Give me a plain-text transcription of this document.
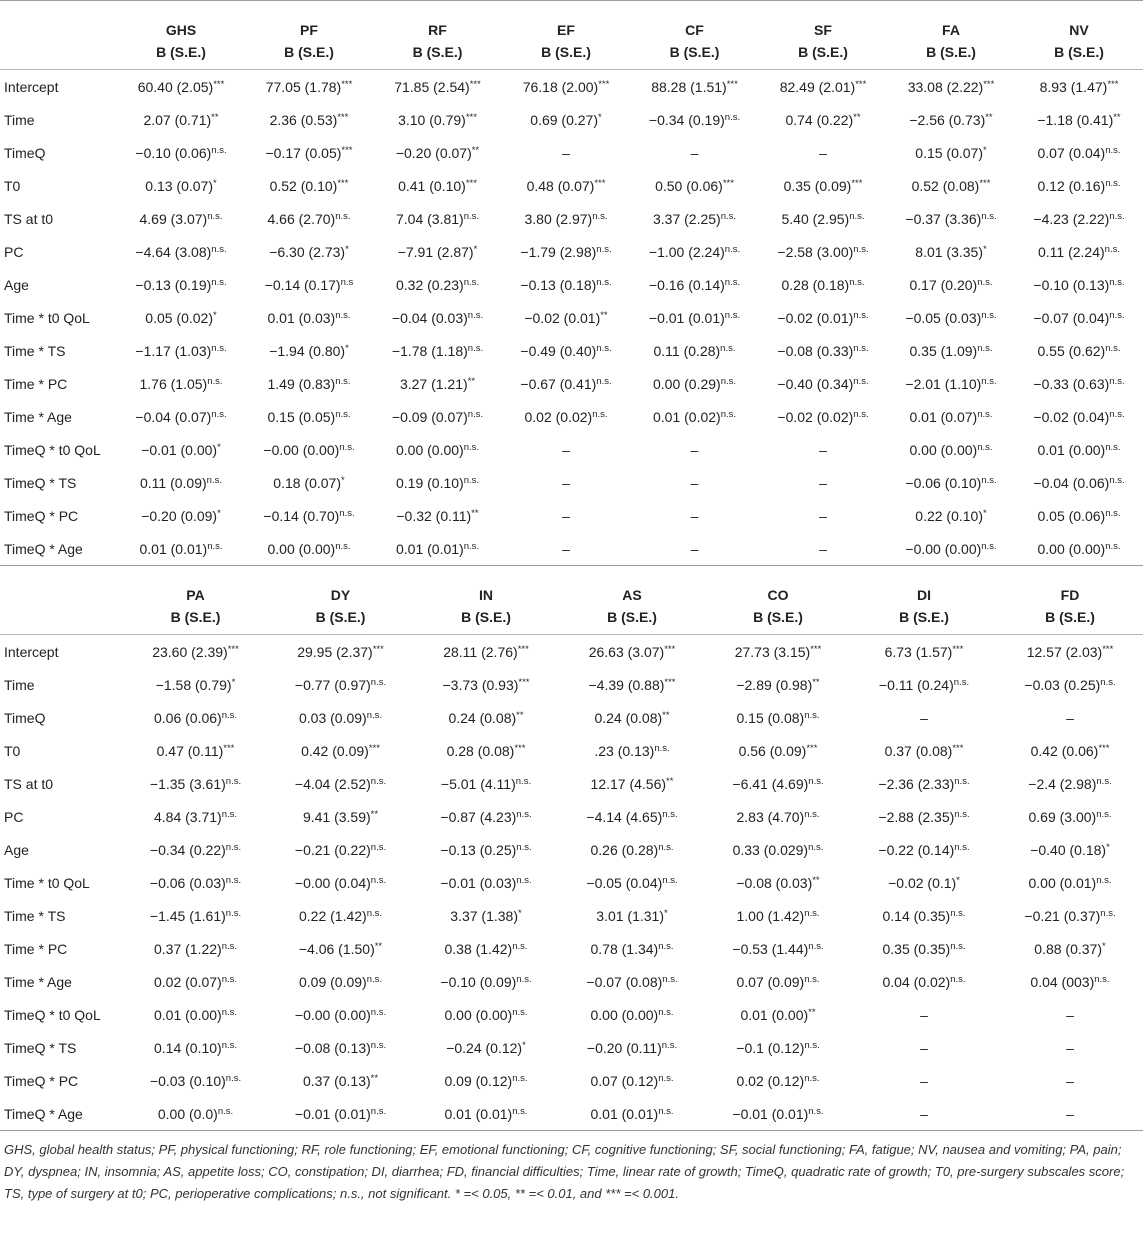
	GHS	PF	RF	EF	CF	SF	FA	NV
	B (S.E.)	B (S.E.)	B (S.E.)	B (S.E.)	B (S.E.)	B (S.E.)	B (S.E.)	B (S.E.)
Intercept	60.40 (2.05)***	77.05 (1.78)***	71.85 (2.54)***	76.18 (2.00)***	88.28 (1.51)***	82.49 (2.01)***	33.08 (2.22)***	8.93 (1.47)***
Time	2.07 (0.71)**	2.36 (0.53)***	3.10 (0.79)***	0.69 (0.27)*	−0.34 $(0.19)^{n.s.}$	0.74 (0.22)**	−2.56 (0.73)**	−1.18 (0.41)**
TimeQ	−0.10 $(0.06)^{n.s.}$	−0.17 (0.05)***	−0.20 (0.07)**	–	–	–	0.15 (0.07)*	0.07 $(0.04)^{n.s.}$
T0	0.13 (0.07)*	0.52 (0.10)***	0.41 (0.10)***	0.48 (0.07)***	0.50 (0.06)***	0.35 (0.09)***	0.52 (0.08)***	0.12 $(0.16)^{n.s.}$
TS at t0	4.69 $(3.07)^{n.s.}$	4.66 $(2.70)^{n.s.}$	7.04 $(3.81)^{n.s.}$	3.80 $(2.97)^{n.s.}$	3.37 $(2.25)^{n.s.}$	5.40 $(2.95)^{n.s.}$	−0.37 $(3.36)^{n.s.}$	−4.23 $(2.22)^{n.s.}$
PC	−4.64 $(3.08)^{n.s.}$	−6.30 (2.73)*	−7.91 (2.87)*	−1.79 $(2.98)^{n.s.}$	−1.00 $(2.24)^{n.s.}$	−2.58 $(3.00)^{n.s.}$	8.01 (3.35)*	0.11 $(2.24)^{n.s.}$
Age	−0.13 $(0.19)^{n.s.}$	−0.14 $(0.17)^{n.s}$	0.32 $(0.23)^{n.s.}$	−0.13 $(0.18)^{n.s.}$	−0.16 $(0.14)^{n.s.}$	0.28 $(0.18)^{n.s.}$	0.17 $(0.20)^{n.s.}$	−0.10 $(0.13)^{n.s.}$
Time * t0 QoL	0.05 (0.02)*	0.01 $(0.03)^{n.s.}$	−0.04 $(0.03)^{n.s.}$	−0.02 (0.01)**	−0.01 $(0.01)^{n.s.}$	−0.02 $(0.01)^{n.s.}$	−0.05 $(0.03)^{n.s.}$	−0.07 $(0.04)^{n.s.}$
Time * TS	−1.17 $(1.03)^{n.s.}$	−1.94 (0.80)*	−1.78 $(1.18)^{n.s.}$	−0.49 $(0.40)^{n.s.}$	0.11 $(0.28)^{n.s.}$	−0.08 $(0.33)^{n.s.}$	0.35 $(1.09)^{n.s.}$	0.55 $(0.62)^{n.s.}$
Time * PC	1.76 $(1.05)^{n.s.}$	1.49 $(0.83)^{n.s.}$	3.27 (1.21)**	−0.67 $(0.41)^{n.s.}$	0.00 $(0.29)^{n.s.}$	−0.40 $(0.34)^{n.s.}$	−2.01 $(1.10)^{n.s.}$	−0.33 $(0.63)^{n.s.}$
Time * Age	−0.04 $(0.07)^{n.s.}$	0.15 $(0.05)^{n.s.}$	−0.09 $(0.07)^{n.s.}$	0.02 $(0.02)^{n.s.}$	0.01 $(0.02)^{n.s.}$	−0.02 $(0.02)^{n.s.}$	0.01 $(0.07)^{n.s.}$	−0.02 $(0.04)^{n.s.}$
TimeQ * t0 QoL	−0.01 (0.00)*	−0.00 $(0.00)^{n.s.}$	0.00 $(0.00)^{n.s.}$	–	–	–	0.00 $(0.00)^{n.s.}$	0.01 $(0.00)^{n.s.}$
TimeQ * TS	0.11 $(0.09)^{n.s.}$	0.18 (0.07)*	0.19 $(0.10)^{n.s.}$	–	–	–	−0.06 $(0.10)^{n.s.}$	−0.04 $(0.06)^{n.s.}$
TimeQ * PC	−0.20 (0.09)*	−0.14 $(0.70)^{n.s.}$	−0.32 (0.11)**	–	–	–	0.22 (0.10)*	0.05 $(0.06)^{n.s.}$
TimeQ * Age	0.01 $(0.01)^{n.s.}$	0.00 $(0.00)^{n.s.}$	0.01 $(0.01)^{n.s.}$	–	–	–	−0.00 $(0.00)^{n.s.}$	0.00 $(0.00)^{n.s.}$
	PA	DY	IN	AS	CO	DI	FD
	B (S.E.)	B (S.E.)	B (S.E.)	B (S.E.)	B (S.E.)	B (S.E.)	B (S.E.)
Intercept	23.60 (2.39)***	29.95 (2.37)***	28.11 (2.76)***	26.63 (3.07)***	27.73 (3.15)***	6.73 (1.57)***	12.57 (2.03)***
Time	−1.58 (0.79)*	−0.77 $(0.97)^{n.s.}$	−3.73 (0.93)***	−4.39 (0.88)***	−2.89 (0.98)**	−0.11 $(0.24)^{n.s.}$	−0.03 $(0.25)^{n.s.}$
TimeQ	0.06 $(0.06)^{n.s.}$	0.03 $(0.09)^{n.s.}$	0.24 (0.08)**	0.24 (0.08)**	0.15 $(0.08)^{n.s.}$	–	–
T0	0.47 (0.11)***	0.42 (0.09)***	0.28 (0.08)***	.23 $(0.13)^{n.s.}$	0.56 (0.09)***	0.37 (0.08)***	0.42 (0.06)***
TS at t0	−1.35 $(3.61)^{n.s.}$	−4.04 $(2.52)^{n.s.}$	−5.01 $(4.11)^{n.s.}$	12.17 (4.56)**	−6.41 $(4.69)^{n.s.}$	−2.36 $(2.33)^{n.s.}$	−2.4 $(2.98)^{n.s.}$
PC	4.84 $(3.71)^{n.s.}$	9.41 (3.59)**	−0.87 $(4.23)^{n.s.}$	−4.14 $(4.65)^{n.s.}$	2.83 $(4.70)^{n.s.}$	−2.88 $(2.35)^{n.s.}$	0.69 $(3.00)^{n.s.}$
Age	−0.34 $(0.22)^{n.s.}$	−0.21 $(0.22)^{n.s.}$	−0.13 $(0.25)^{n.s.}$	0.26 $(0.28)^{n.s.}$	0.33 $(0.029)^{n.s.}$	−0.22 $(0.14)^{n.s.}$	−0.40 (0.18)*
Time * t0 QoL	−0.06 $(0.03)^{n.s.}$	−0.00 $(0.04)^{n.s.}$	−0.01 $(0.03)^{n.s.}$	−0.05 $(0.04)^{n.s.}$	−0.08 (0.03)**	−0.02 (0.1)*	0.00 $(0.01)^{n.s.}$
Time * TS	−1.45 $(1.61)^{n.s.}$	0.22 $(1.42)^{n.s.}$	3.37 (1.38)*	3.01 (1.31)*	1.00 $(1.42)^{n.s.}$	0.14 $(0.35)^{n.s.}$	−0.21 $(0.37)^{n.s.}$
Time * PC	0.37 $(1.22)^{n.s.}$	−4.06 (1.50)**	0.38 $(1.42)^{n.s.}$	0.78 $(1.34)^{n.s.}$	−0.53 $(1.44)^{n.s.}$	0.35 $(0.35)^{n.s.}$	0.88 (0.37)*
Time * Age	0.02 $(0.07)^{n.s.}$	0.09 $(0.09)^{n.s.}$	−0.10 $(0.09)^{n.s.}$	−0.07 $(0.08)^{n.s.}$	0.07 $(0.09)^{n.s.}$	0.04 $(0.02)^{n.s.}$	0.04 $(003)^{n.s.}$
TimeQ * t0 QoL	0.01 $(0.00)^{n.s.}$	−0.00 $(0.00)^{n.s.}$	0.00 $(0.00)^{n.s.}$	0.00 $(0.00)^{n.s.}$	0.01 (0.00)**	–	–
TimeQ * TS	0.14 $(0.10)^{n.s.}$	−0.08 $(0.13)^{n.s.}$	−0.24 (0.12)*	−0.20 $(0.11)^{n.s.}$	−0.1 $(0.12)^{n.s.}$	–	–
TimeQ * PC	−0.03 $(0.10)^{n.s.}$	0.37 (0.13)**	0.09 $(0.12)^{n.s.}$	0.07 $(0.12)^{n.s.}$	0.02 $(0.12)^{n.s.}$	–	–
TimeQ * Age	0.00 $(0.0)^{n.s.}$	−0.01 $(0.01)^{n.s.}$	0.01 $(0.01)^{n.s.}$	0.01 $(0.01)^{n.s.}$	−0.01 $(0.01)^{n.s.}$	–	–
GHS, global health status; PF, physical functioning; RF, role functioning; EF, emotional functioning; CF, cognitive functioning; SF, social functioning; FA, fatigue; NV, nausea and vomiting; PA, pain; DY, dyspnea; IN, insomnia; AS, appetite loss; CO, constipation; DI, diarrhea; FD, financial difficulties; Time, linear rate of growth; TimeQ, quadratic rate of growth; T0, pre-surgery subscales score; TS, type of surgery at t0; PC, perioperative complications; n.s., not significant. * =< 0.05, ** =< 0.01, and *** =< 0.001.
